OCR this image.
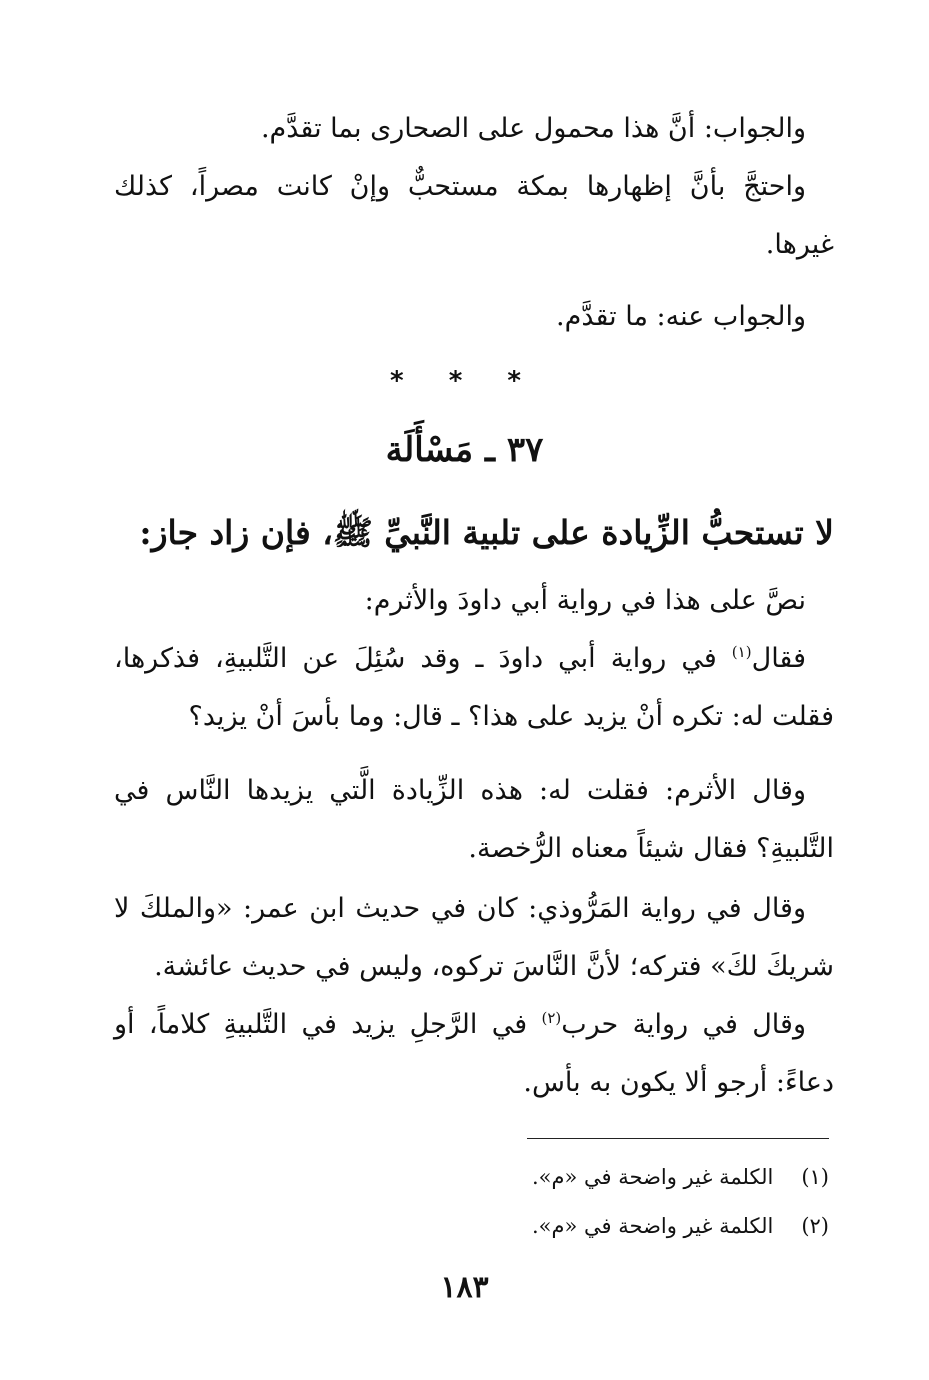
والجواب: أنَّ هذا محمول على الصحارى بما تقدَّم.
واحتجَّ بأنَّ إظهارها بمكة مستحبٌّ وإنْ كانت مصراً، كذلك غيرها.
والجواب عنه: ما تقدَّم.
* * *
٣٧ ـ مَسْأَلَة
لا تستحبُّ الزِّيادة على تلبية النَّبيِّ ﷺ، فإن زاد جاز:
نصَّ على هذا في رواية أبي داودَ والأثرم:
فقال$^{(١)}$ في رواية أبي داودَ ـ وقد سُئِلَ عن التَّلبيةِ، فذكرها، فقلت له: تكره أنْ يزيد على هذا؟ ـ قال: وما بأسَ أنْ يزيد؟
وقال الأثرم: فقلت له: هذه الزِّيادة الَّتي يزيدها النَّاس في التَّلبيةِ؟ فقال شيئاً معناه الرُّخصة.
وقال في رواية المَرُّوذي: كان في حديث ابن عمر: «والملكَ لا شريكَ لكَ» فتركه؛ لأنَّ النَّاسَ تركوه، وليس في حديث عائشة.
وقال في رواية حرب$^{(٢)}$ في الرَّجلِ يزيد في التَّلبيةِ كلاماً، أو دعاءً: أرجو ألا يكون به بأس.
(١)الكلمة غير واضحة في «م».
(٢)الكلمة غير واضحة في «م».
١٨٣
